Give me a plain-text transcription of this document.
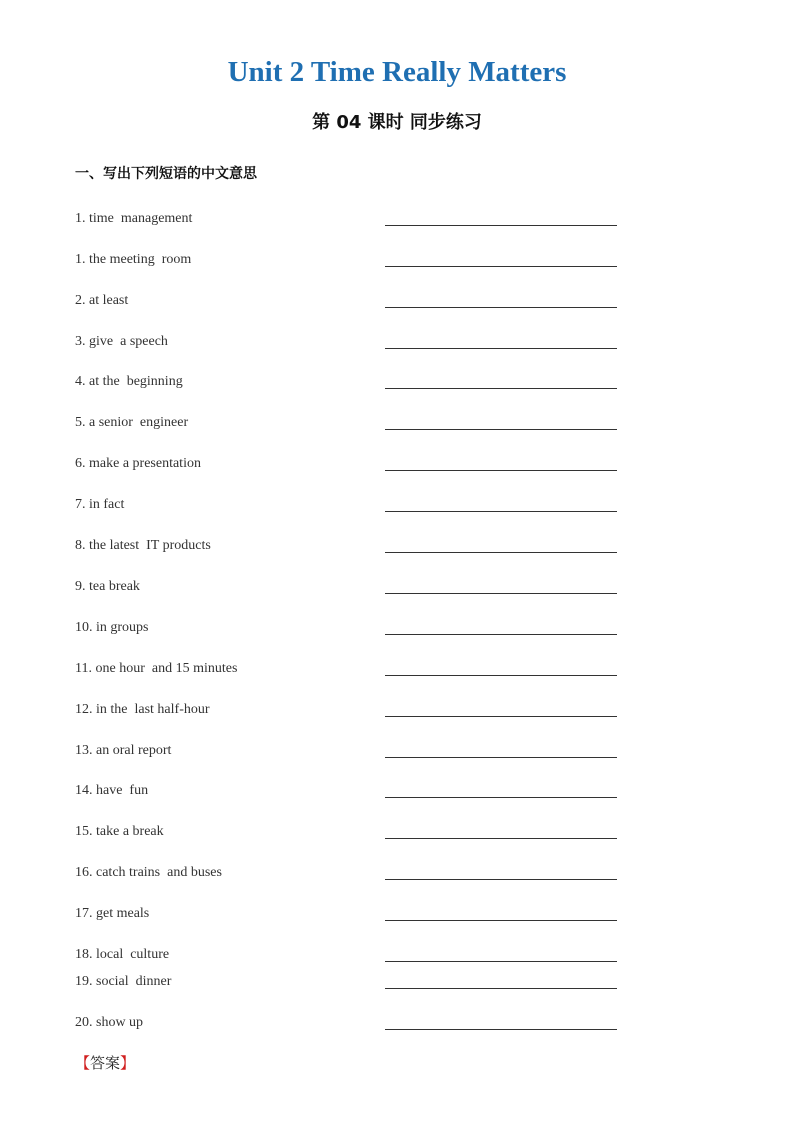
Unit 2 Time Really Matters
第 04 课时 同步练习
一、写出下列短语的中文意思
1. time  management
1. the meeting  room
2. at least
3. give  a speech
4. at the  beginning
5. a senior  engineer
6. make a presentation
7. in fact
8. the latest  IT products
9. tea break
10. in groups
11. one hour  and 15 minutes
12. in the  last half-hour
13. an oral report
14. have  fun
15. take a break
16. catch trains  and buses
17. get meals
18. local  culture
19. social  dinner
20. show up
【答案】
